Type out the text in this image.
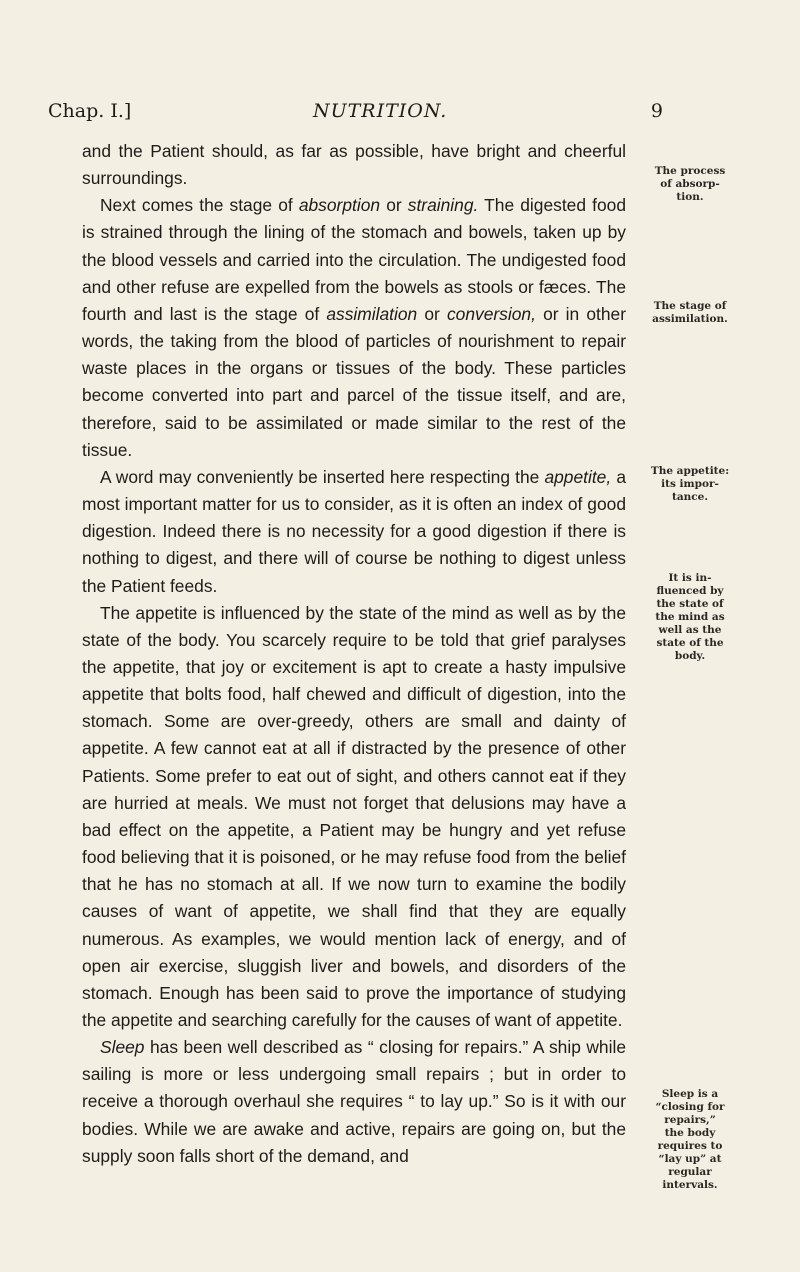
Chap. I.]	NUTRITION.	9

and the Patient should, as far as possible, have bright and cheerful surroundings.

Next comes the stage of absorption or straining. The digested food is strained through the lining of the stomach and bowels, taken up by the blood vessels and carried into the circulation. The undigested food and other refuse are expelled from the bowels as stools or fæces. The fourth and last is the stage of assimilation or conversion, or in other words, the taking from the blood of particles of nourishment to repair waste places in the organs or tissues of the body. These particles become converted into part and parcel of the tissue itself, and are, therefore, said to be assimilated or made similar to the rest of the tissue.

A word may conveniently be inserted here respecting the appetite, a most important matter for us to consider, as it is often an index of good digestion. Indeed there is no necessity for a good digestion if there is nothing to digest, and there will of course be nothing to digest unless the Patient feeds.

The appetite is influenced by the state of the mind as well as by the state of the body. You scarcely require to be told that grief paralyses the appetite, that joy or excitement is apt to create a hasty impulsive appetite that bolts food, half chewed and difficult of digestion, into the stomach. Some are over-greedy, others are small and dainty of appetite. A few cannot eat at all if distracted by the presence of other Patients. Some prefer to eat out of sight, and others cannot eat if they are hurried at meals. We must not forget that delusions may have a bad effect on the appetite, a Patient may be hungry and yet refuse food believing that it is poisoned, or he may refuse food from the belief that he has no stomach at all. If we now turn to examine the bodily causes of want of appetite, we shall find that they are equally numerous. As examples, we would mention lack of energy, and of open air exercise, sluggish liver and bowels, and disorders of the stomach. Enough has been said to prove the importance of studying the appetite and searching carefully for the causes of want of appetite.

Sleep has been well described as “ closing for repairs.” A ship while sailing is more or less undergoing small repairs ; but in order to receive a thorough overhaul she requires “ to lay up.” So is it with our bodies. While we are awake and active, repairs are going on, but the supply soon falls short of the demand, and

The process
of absorp-
tion.
The stage of
assimilation.
The appetite:
its impor-
tance.
It is in-
fluenced by
the state of
the mind as
well as the
state of the
body.
Sleep is a
“closing for
repairs,”
the body
requires to
“lay up” at
regular
intervals.
